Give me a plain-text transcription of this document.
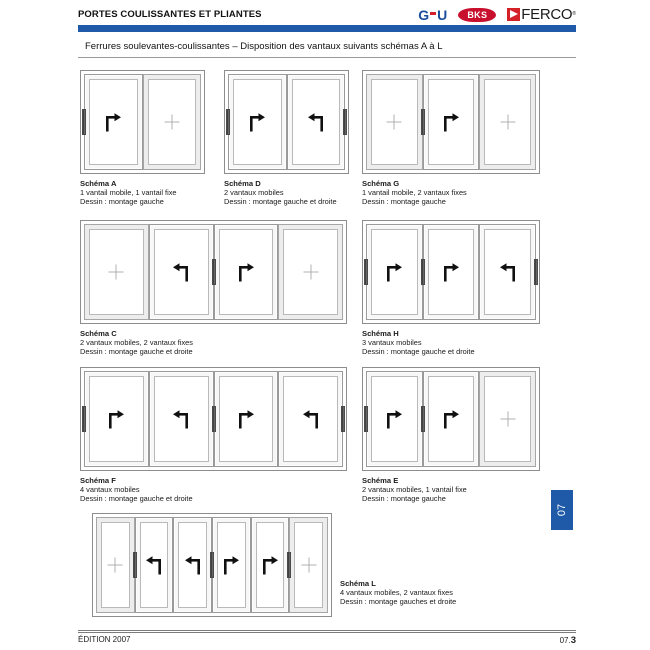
PORTES COULISSANTES ET PLIANTES	G U	BKS	FERCO ®
Ferrures soulevantes-coulissantes – Disposition des vantaux suivants schémas A à L
Schéma A
1 vantail mobile, 1 vantail fixe
Dessin : montage gauche
Schéma D
2 vantaux mobiles
Dessin : montage gauche et droite
Schéma G
1 vantail mobile, 2 vantaux fixes
Dessin : montage gauche
Schéma C
2 vantaux mobiles, 2 vantaux fixes
Dessin : montage gauche et droite
Schéma H
3 vantaux mobiles
Dessin : montage gauche et droite
Schéma F
4 vantaux mobiles
Dessin : montage gauche et droite
Schéma E
2 vantaux mobiles, 1 vantail fixe
Dessin : montage gauche
Schéma L
4 vantaux mobiles, 2 vantaux fixes
Dessin : montage gauches et droite
07
ÉDITION 2007	07.3
